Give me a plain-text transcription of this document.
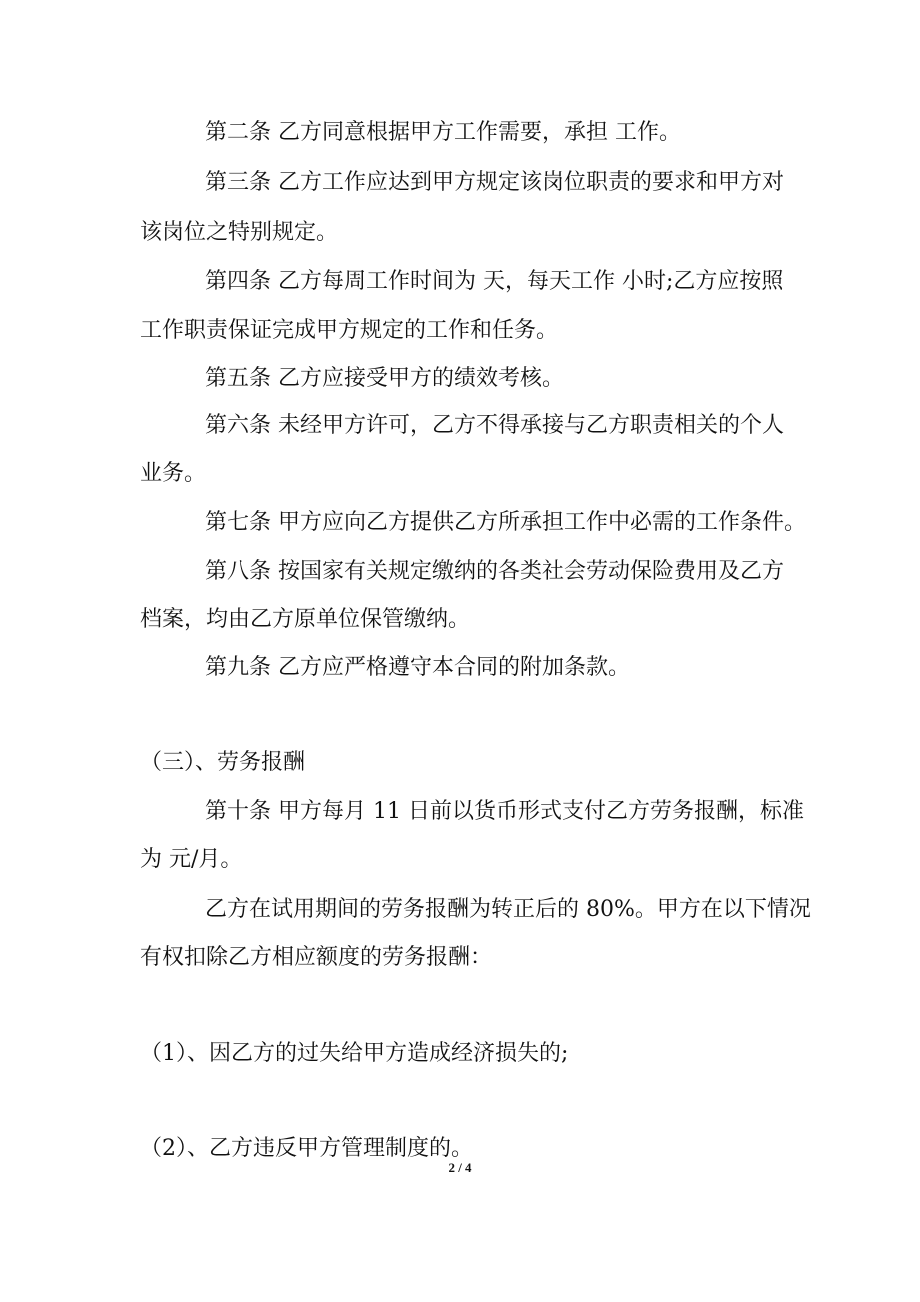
第二条 乙方同意根据甲方工作需要，承担 工作。
第三条 乙方工作应达到甲方规定该岗位职责的要求和甲方对
该岗位之特别规定。
第四条 乙方每周工作时间为 天，每天工作 小时;乙方应按照
工作职责保证完成甲方规定的工作和任务。
第五条 乙方应接受甲方的绩效考核。
第六条 未经甲方许可，乙方不得承接与乙方职责相关的个人
业务。
第七条 甲方应向乙方提供乙方所承担工作中必需的工作条件。
第八条 按国家有关规定缴纳的各类社会劳动保险费用及乙方
档案，均由乙方原单位保管缴纳。
第九条 乙方应严格遵守本合同的附加条款。
（三）、劳务报酬
第十条 甲方每月 11 日前以货币形式支付乙方劳务报酬，标准
为 元/月。
乙方在试用期间的劳务报酬为转正后的 80%。甲方在以下情况
有权扣除乙方相应额度的劳务报酬：
（1）、因乙方的过失给甲方造成经济损失的;
（2）、乙方违反甲方管理制度的。
2 / 4
